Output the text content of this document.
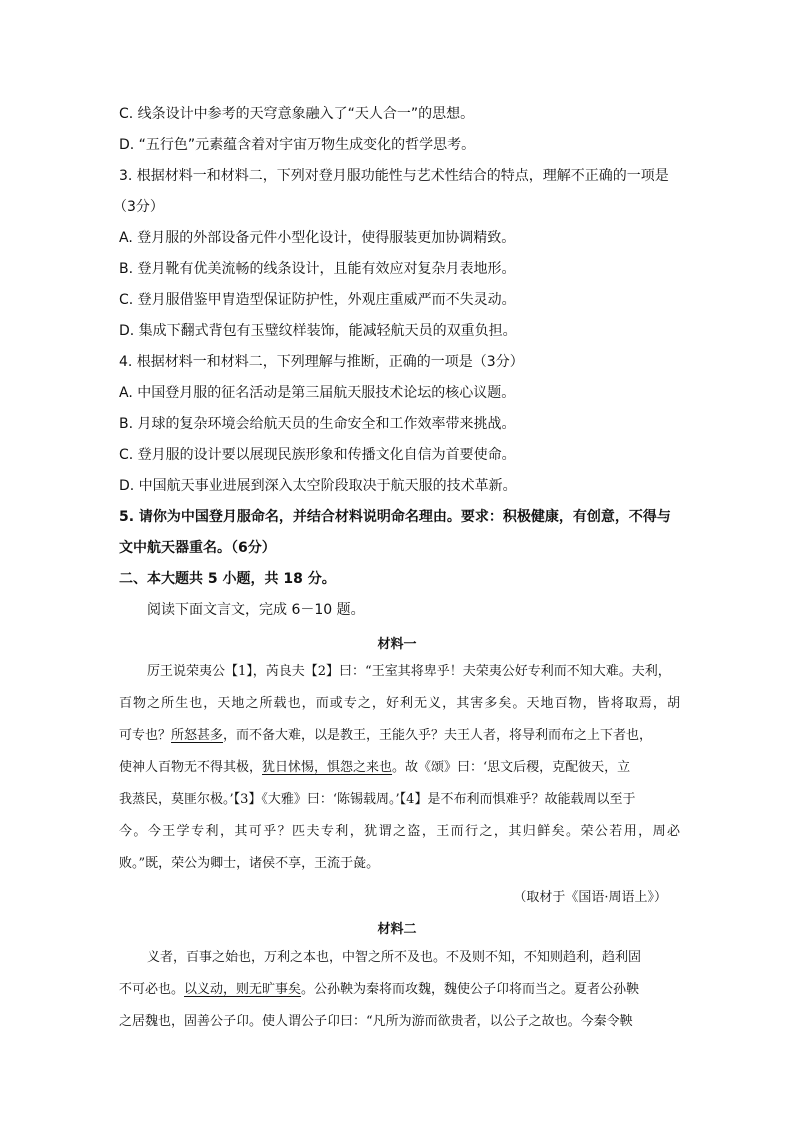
C. 线条设计中参考的天穹意象融入了“天人合一”的思想。
D. “五行色”元素蕴含着对宇宙万物生成变化的哲学思考。
3. 根据材料一和材料二，下列对登月服功能性与艺术性结合的特点，理解不正确的一项是
（3分）
A. 登月服的外部设备元件小型化设计，使得服装更加协调精致。
B. 登月靴有优美流畅的线条设计，且能有效应对复杂月表地形。
C. 登月服借鉴甲胄造型保证防护性，外观庄重威严而不失灵动。
D. 集成下翻式背包有玉璧纹样装饰，能减轻航天员的双重负担。
4. 根据材料一和材料二，下列理解与推断，正确的一项是（3分）
A. 中国登月服的征名活动是第三届航天服技术论坛的核心议题。
B. 月球的复杂环境会给航天员的生命安全和工作效率带来挑战。
C. 登月服的设计要以展现民族形象和传播文化自信为首要使命。
D. 中国航天事业进展到深入太空阶段取决于航天服的技术革新。
5. 请你为中国登月服命名，并结合材料说明命名理由。要求：积极健康，有创意，不得与
文中航天器重名。（6分）
二、本大题共 5 小题，共 18 分。
阅读下面文言文，完成 6－10 题。
材料一
厉王说荣夷公【1】，芮良夫【2】曰：“王室其将卑乎！夫荣夷公好专利而不知大难。夫利，
百物之所生也，天地之所载也，而或专之，好利无义，其害多矣。天地百物，皆将取焉，胡
可专也？所怒甚多，而不备大难，以是教王，王能久乎？夫王人者，将导利而布之上下者也，
使神人百物无不得其极，犹日怵惕，惧怨之来也。故《颂》曰：‘思文后稷，克配彼天，立
我蒸民，莫匪尔极。’【3】《大雅》曰：‘陈锡载周。’【4】是不布利而惧难乎？故能载周以至于
今。今王学专利，其可乎？匹夫专利，犹谓之盗，王而行之，其归鲜矣。荣公若用，周必
败。”既，荣公为卿士，诸侯不享，王流于彘。
（取材于《国语·周语上》）
材料二
义者，百事之始也，万利之本也，中智之所不及也。不及则不知，不知则趋利，趋利固
不可必也。以义动，则无旷事矣。公孙鞅为秦将而攻魏，魏使公子卬将而当之。夏者公孙鞅
之居魏也，固善公子卬。使人谓公子卬曰：“凡所为游而欲贵者，以公子之故也。今秦令鞅
